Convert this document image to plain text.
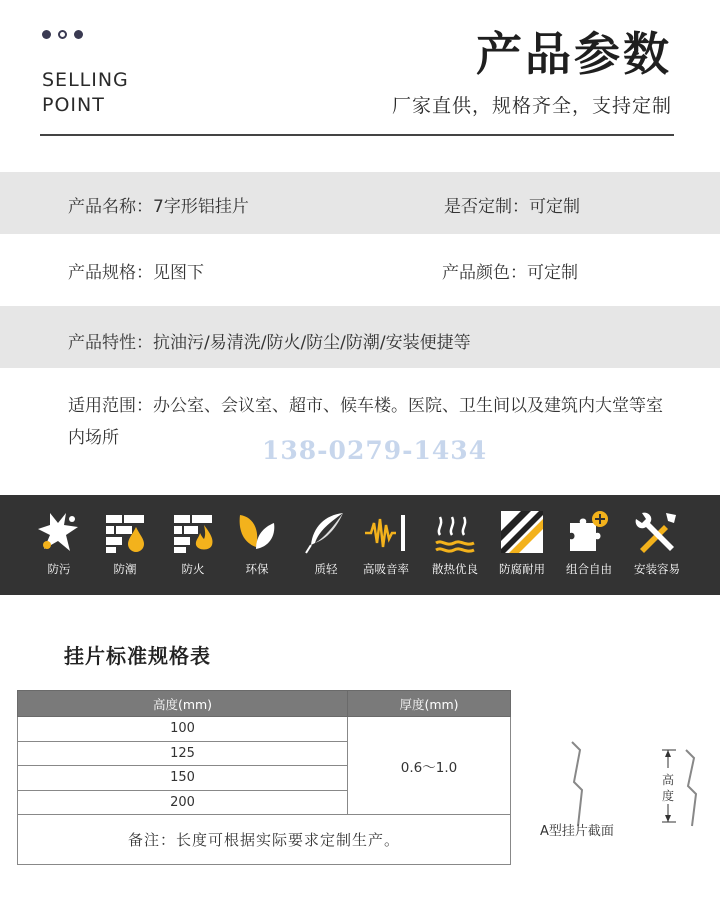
SELLING
POINT
产品参数
厂家直供，规格齐全，支持定制
产品名称：7字形铝挂片	是否定制：可定制
产品规格：见图下	产品颜色：可定制
产品特性：抗油污/易清洗/防火/防尘/防潮/安装便捷等
适用范围：办公室、会议室、超市、候车楼。医院、卫生间以及建筑内大堂等室内场所	138-0279-1434
防污	防潮	防火	环保	质轻	高吸音率	散热优良	防腐耐用	组合自由	安装容易
挂片标准规格表
高度(mm)	厚度(mm)
100	0.6～1.0
125	
150	
200	
备注：长度可根据实际要求定制生产。	
高
度
A型挂片截面
